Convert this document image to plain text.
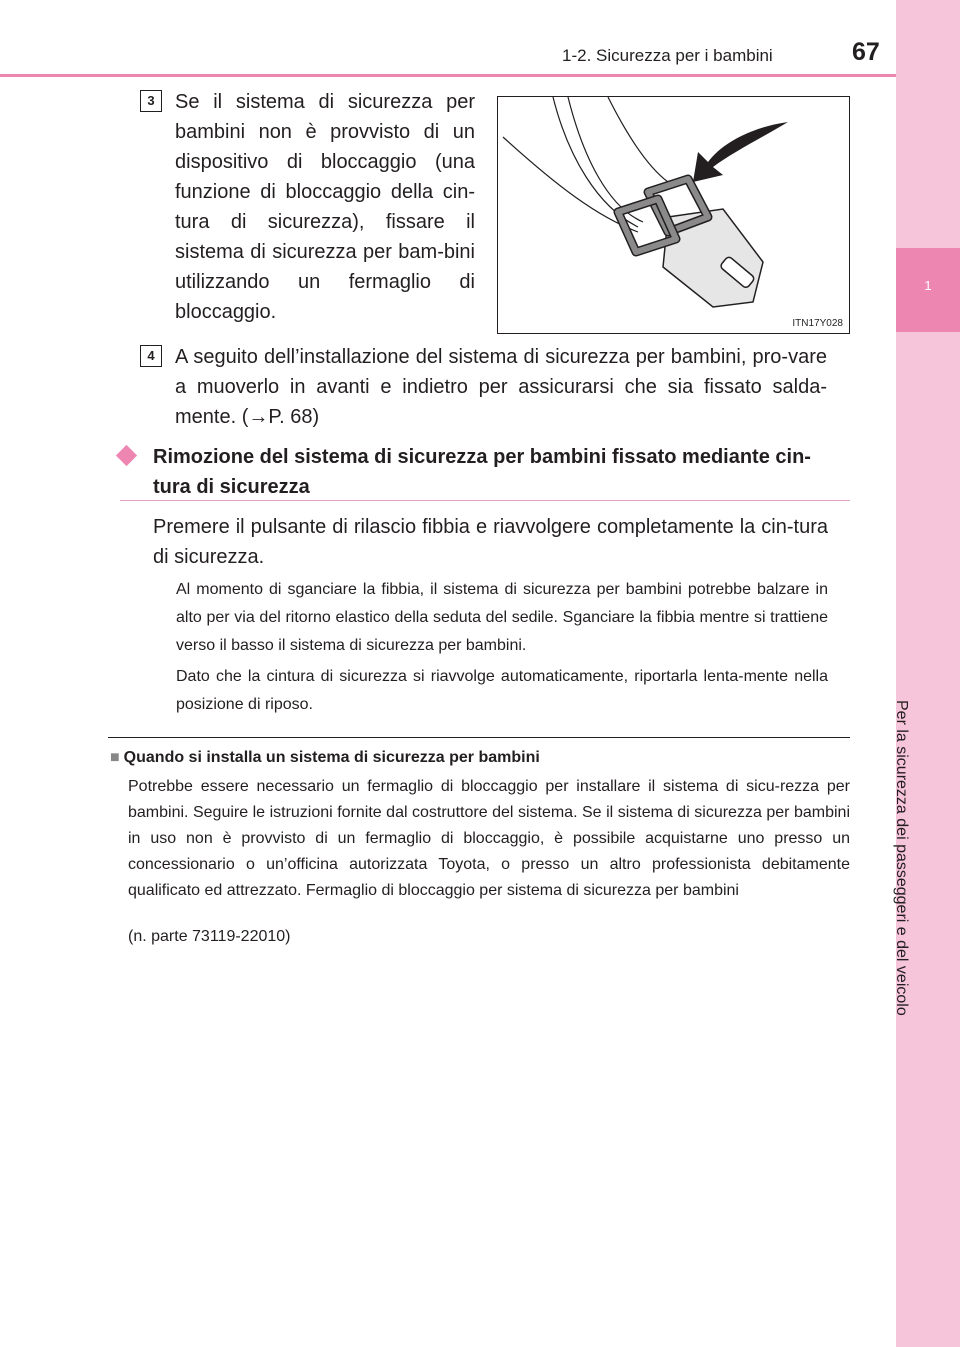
1
Per la sicurezza dei passeggeri e del veicolo
1-2. Sicurezza per i bambini	67
3	Se il sistema di sicurezza per bambini non è provvisto di un dispositivo di bloccaggio (una funzione di bloccaggio della cin-tura di sicurezza), fissare il sistema di sicurezza per bam-bini utilizzando un fermaglio di bloccaggio.
ITN17Y028
4	A seguito dell’installazione del sistema di sicurezza per bambini, pro-vare a muoverlo in avanti e indietro per assicurarsi che sia fissato salda-mente. (→P. 68)
Rimozione del sistema di sicurezza per bambini fissato mediante cin-tura di sicurezza
Premere il pulsante di rilascio fibbia e riavvolgere completamente la cin-tura di sicurezza.
Al momento di sganciare la fibbia, il sistema di sicurezza per bambini potrebbe balzare in alto per via del ritorno elastico della seduta del sedile. Sganciare la fibbia mentre si trattiene verso il basso il sistema di sicurezza per bambini.
Dato che la cintura di sicurezza si riavvolge automaticamente, riportarla lenta-mente nella posizione di riposo.
■ Quando si installa un sistema di sicurezza per bambini
Potrebbe essere necessario un fermaglio di bloccaggio per installare il sistema di sicu-rezza per bambini. Seguire le istruzioni fornite dal costruttore del sistema. Se il sistema di sicurezza per bambini in uso non è provvisto di un fermaglio di bloccaggio, è possibile acquistarne uno presso un concessionario o un’officina autorizzata Toyota, o presso un altro professionista debitamente qualificato ed attrezzato. Fermaglio di bloccaggio per sistema di sicurezza per bambini
(n. parte 73119-22010)
